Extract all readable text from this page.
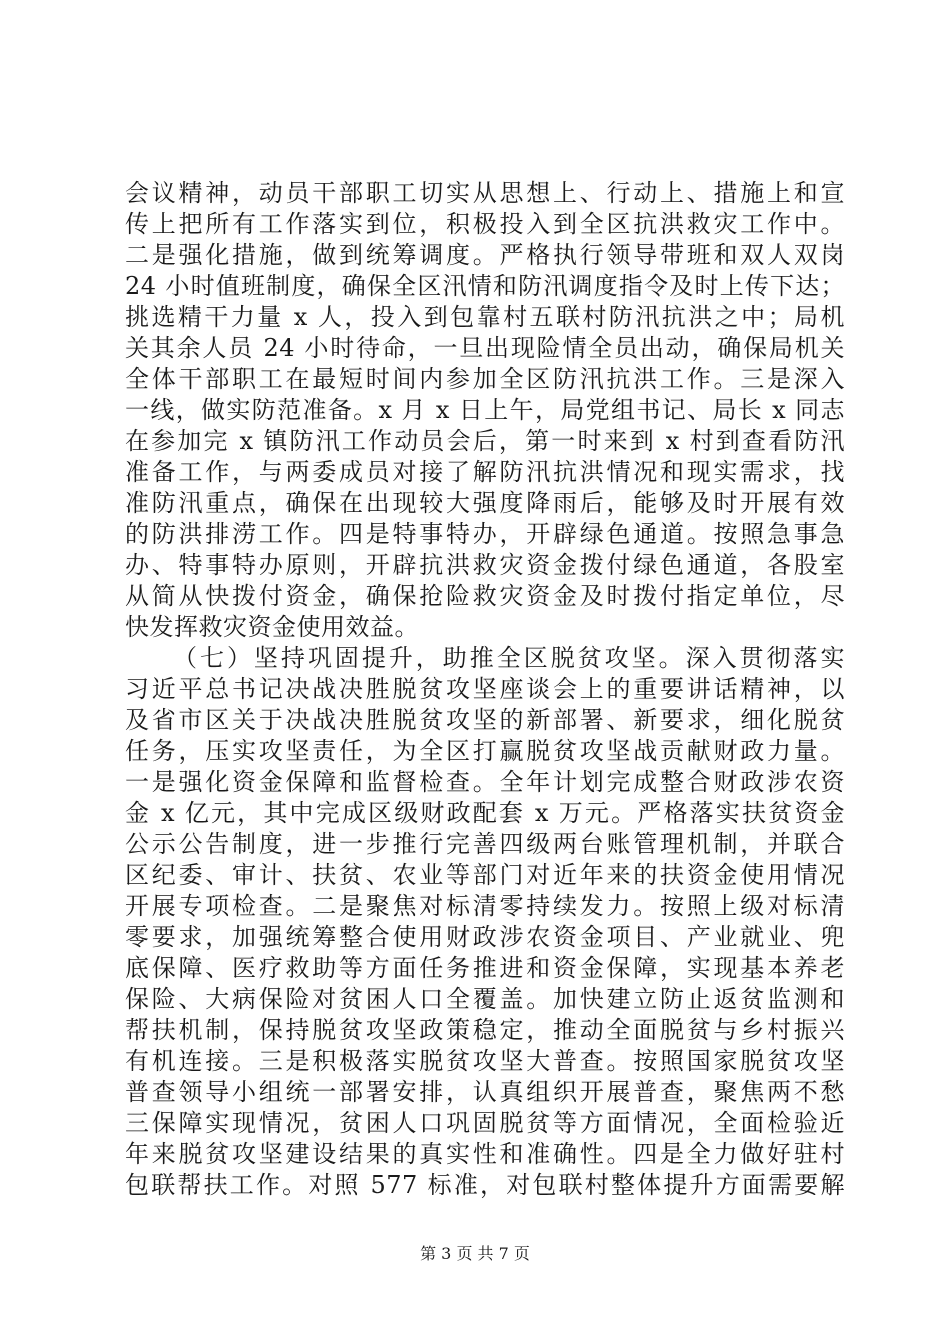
会议精神，动员干部职工切实从思想上、行动上、措施上和宣
传上把所有工作落实到位，积极投入到全区抗洪救灾工作中。
二是强化措施，做到统筹调度。严格执行领导带班和双人双岗
24 小时值班制度，确保全区汛情和防汛调度指令及时上传下达；
挑选精干力量 x 人，投入到包靠村五联村防汛抗洪之中；局机
关其余人员 24 小时待命，一旦出现险情全员出动，确保局机关
全体干部职工在最短时间内参加全区防汛抗洪工作。三是深入
一线，做实防范准备。x 月 x 日上午，局党组书记、局长 x 同志
在参加完 x 镇防汛工作动员会后，第一时来到 x 村到查看防汛
准备工作，与两委成员对接了解防汛抗洪情况和现实需求，找
准防汛重点，确保在出现较大强度降雨后，能够及时开展有效
的防洪排涝工作。四是特事特办，开辟绿色通道。按照急事急
办、特事特办原则，开辟抗洪救灾资金拨付绿色通道，各股室
从简从快拨付资金，确保抢险救灾资金及时拨付指定单位，尽
快发挥救灾资金使用效益。
（七）坚持巩固提升，助推全区脱贫攻坚。深入贯彻落实
习近平总书记决战决胜脱贫攻坚座谈会上的重要讲话精神，以
及省市区关于决战决胜脱贫攻坚的新部署、新要求，细化脱贫
任务，压实攻坚责任，为全区打赢脱贫攻坚战贡献财政力量。
一是强化资金保障和监督检查。全年计划完成整合财政涉农资
金 x 亿元，其中完成区级财政配套 x 万元。严格落实扶贫资金
公示公告制度，进一步推行完善四级两台账管理机制，并联合
区纪委、审计、扶贫、农业等部门对近年来的扶资金使用情况
开展专项检查。二是聚焦对标清零持续发力。按照上级对标清
零要求，加强统筹整合使用财政涉农资金项目、产业就业、兜
底保障、医疗救助等方面任务推进和资金保障，实现基本养老
保险、大病保险对贫困人口全覆盖。加快建立防止返贫监测和
帮扶机制，保持脱贫攻坚政策稳定，推动全面脱贫与乡村振兴
有机连接。三是积极落实脱贫攻坚大普查。按照国家脱贫攻坚
普查领导小组统一部署安排，认真组织开展普查，聚焦两不愁
三保障实现情况，贫困人口巩固脱贫等方面情况，全面检验近
年来脱贫攻坚建设结果的真实性和准确性。四是全力做好驻村
包联帮扶工作。对照 577 标准，对包联村整体提升方面需要解
第 3 页 共 7 页
